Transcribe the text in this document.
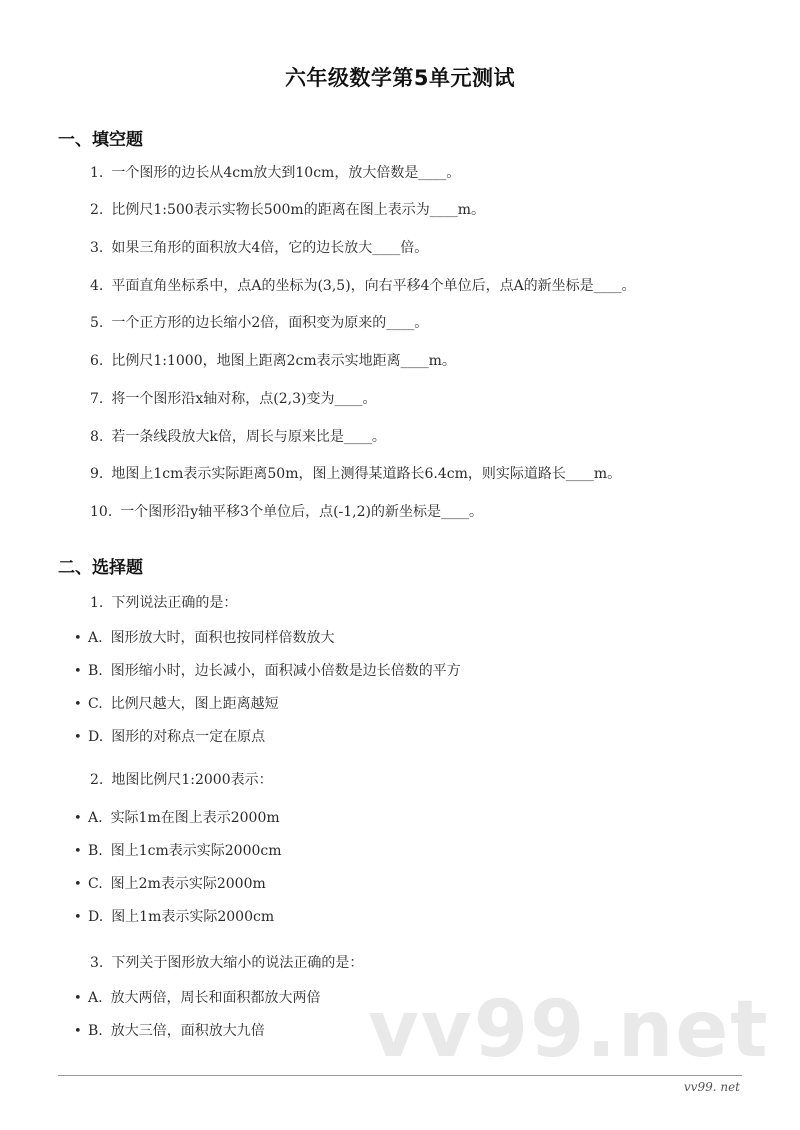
六年级数学第5单元测试
一、填空题
1. 一个图形的边长从4cm放大到10cm，放大倍数是____。
2. 比例尺1:500表示实物长500m的距离在图上表示为____m。
3. 如果三角形的面积放大4倍，它的边长放大____倍。
4. 平面直角坐标系中，点A的坐标为(3,5)，向右平移4个单位后，点A的新坐标是____。
5. 一个正方形的边长缩小2倍，面积变为原来的____。
6. 比例尺1:1000，地图上距离2cm表示实地距离____m。
7. 将一个图形沿x轴对称，点(2,3)变为____。
8. 若一条线段放大k倍，周长与原来比是____。
9. 地图上1cm表示实际距离50m，图上测得某道路长6.4cm，则实际道路长____m。
10. 一个图形沿y轴平移3个单位后，点(-1,2)的新坐标是____。
二、选择题
1. 下列说法正确的是：
• A. 图形放大时，面积也按同样倍数放大
• B. 图形缩小时，边长减小，面积减小倍数是边长倍数的平方
• C. 比例尺越大，图上距离越短
• D. 图形的对称点一定在原点
2. 地图比例尺1:2000表示：
• A. 实际1m在图上表示2000m
• B. 图上1cm表示实际2000cm
• C. 图上2m表示实际2000m
• D. 图上1m表示实际2000cm
3. 下列关于图形放大缩小的说法正确的是：
• A. 放大两倍，周长和面积都放大两倍
• B. 放大三倍，面积放大九倍 vv99.net
vv99. net
